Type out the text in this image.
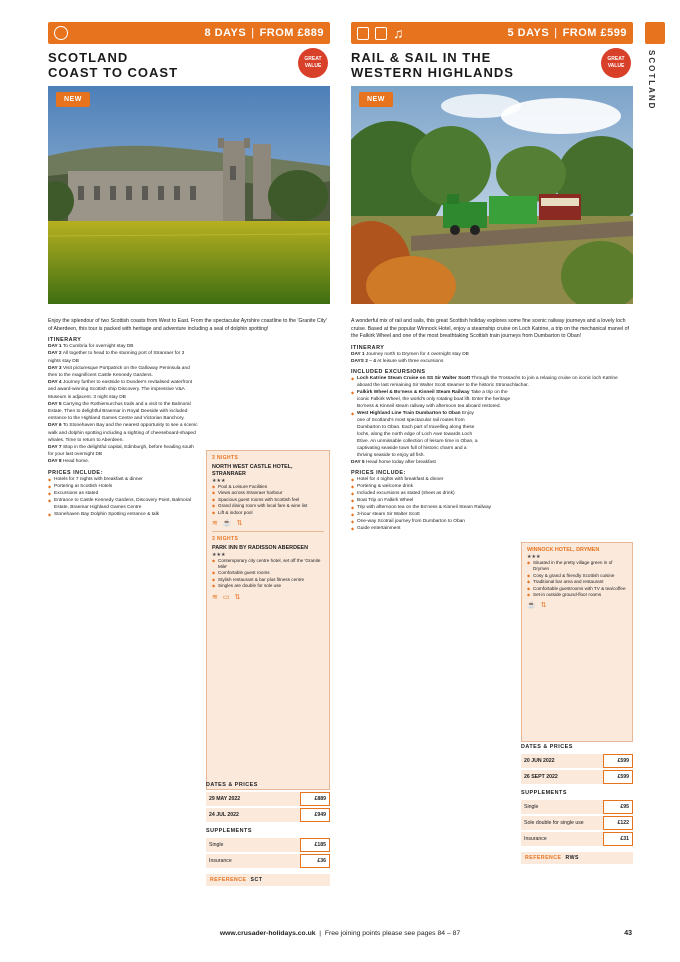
SCOTLAND
8 DAYS | FROM £889
SCOTLAND
COAST TO COAST
GREAT VALUE
NEW

Enjoy the splendour of two Scottish coasts from West to East. From the spectacular Ayrshire coastline to the 'Granite City' of Aberdeen, this tour is packed with heritage and adventure including a seal of dolphin spotting!

ITINERARY
DAY 1 To Cumbria for overnight stay DB
DAY 2 All together to head to the stunning port of Stranraer for 3 nights stay DB
DAY 3 Visit picturesque Portpatrick on the Galloway Peninsula and then to the magnificent Castle Kennedy Gardens.
DAY 4 Journey further to eastside to Dundee's revitalised waterfront and award-winning Scottish ship Discovery. The impressive V&A Museum is adjacent. 3 night stay DB
DAY 5 Carrying the Rothiemurchus trails and a visit to the Balmoral Estate. Then to delightful Braemar in Royal Deeside with included entrance to the Highland Games Centre and Victorian Banchory.
DAY 6 To Stonehaven Bay and the nearest opportunity to see a scenic walk and dolphin spotting including a sighting of cheeseboard-shaped whales. Time to return to Aberdeen.
DAY 7 Stop in the delightful capital, Edinburgh, before heading south for your last overnight DB
DAY 8 Head home.
PRICES INCLUDE:
◆ Hotels for 7 nights with breakfast & dinner
◆ Portering at Scottish Hotels
◆ Excursions as stated
◆ Entrance to Castle Kennedy Gardens, Discovery Point, Balmoral Estate, Braemar Highland Games Centre
◆ Stonehaven Bay Dolphin Spotting entrance & talk
3 NIGHTS
NORTH WEST CASTLE HOTEL, STRANRAER
★★★
◆ Pool & Leisure Facilities
◆ Views across Stranraer harbour
◆ Spacious guest rooms with Scottish feel
◆ Grand dining room with local fare & wine list
◆ Lift & indoor pool
≋ ☕ ⇅
3 NIGHTS
PARK INN BY RADISSON ABERDEEN
★★★
◆ Contemporary city centre hotel, set off the 'Granite Mile'
◆ Comfortable guest rooms
◆ Stylish restaurant & bar plus fitness centre
◆ Singles are double for sole use
≋ ▭ ⇅
DATES & PRICES
29 MAY 2022	£889
24 JUL 2022	£949
SUPPLEMENTS
Single	£185
Insurance	£36
REFERENCE SCT
♫	5 DAYS | FROM £599
RAIL & SAIL IN THE
WESTERN HIGHLANDS
GREAT VALUE
NEW

A wonderful mix of rail and sails, this great Scottish holiday explores some fine scenic railway journeys and a lovely loch cruise. Based at the popular Winnock Hotel, enjoy a steamship cruise on Loch Katrine, a trip on the mechanical marvel of the Falkirk Wheel and one of the most breathtaking Scottish train journeys from Dumbarton to Oban!

ITINERARY
DAY 1 Journey north to Drymen for 4 overnight stay DB
DAYS 2 – 4 At leisure with three excursions
INCLUDED EXCURSIONS
◆ Loch Katrine Steam Cruise on SS Sir Walter Scott Through the Trossachs to join a relaxing cruise on iconic loch Katrine aboard the last remaining Sir Walter Scott steamer to the historic Stronachlachar.
◆ Falkirk Wheel & Bo'ness & Kinneil Steam Railway Take a trip on the iconic Falkirk Wheel, the world's only rotating boat lift. Enter the heritage Bo'ness & Kinneil steam railway with afternoon tea aboard restored.
◆ West Highland Line Train Dumbarton to Oban Enjoy one of Scotland's most spectacular rail routes from Dumbarton to Oban. Each part of travelling along these lochs, along the north edge of Loch Awe towards Loch Etive. An unmissable collection of leisure time in Oban, a captivating seaside town full of historic charm and a thriving seaside to enjoy all fish.
DAY 5 Head home today after breakfast
PRICES INCLUDE:
◆ Hotel for 4 nights with breakfast & dinner
◆ Portering & welcome drink
◆ Included excursions as stated (sheet as drink)
◆ Boat Trip on Falkirk Wheel
◆ Trip with afternoon tea on the Bo'ness & Kinneil Steam Railway
◆ 3-hour steam Sir Walter Scott
◆ One-way Scotrail journey from Dumbarton to Oban
◆ Guide entertainment
WINNOCK HOTEL, DRYMEN
★★★
◆ Situated in the pretty village green in of Drymen
◆ Cosy & grand & friendly Scottish cuisine
◆ Traditional bar area and restaurant
◆ Comfortable guestrooms with TV & tea/coffee
◆ Set-in outside ground-floor rooms
☕ ⇅
DATES & PRICES
20 JUN 2022	£599
26 SEPT 2022	£599
SUPPLEMENTS
Single	£95
Sole double for single use	£122
Insurance	£31
REFERENCE RWS
www.crusader-holidays.co.uk  |  Free joining points please see pages 84 – 87	43
